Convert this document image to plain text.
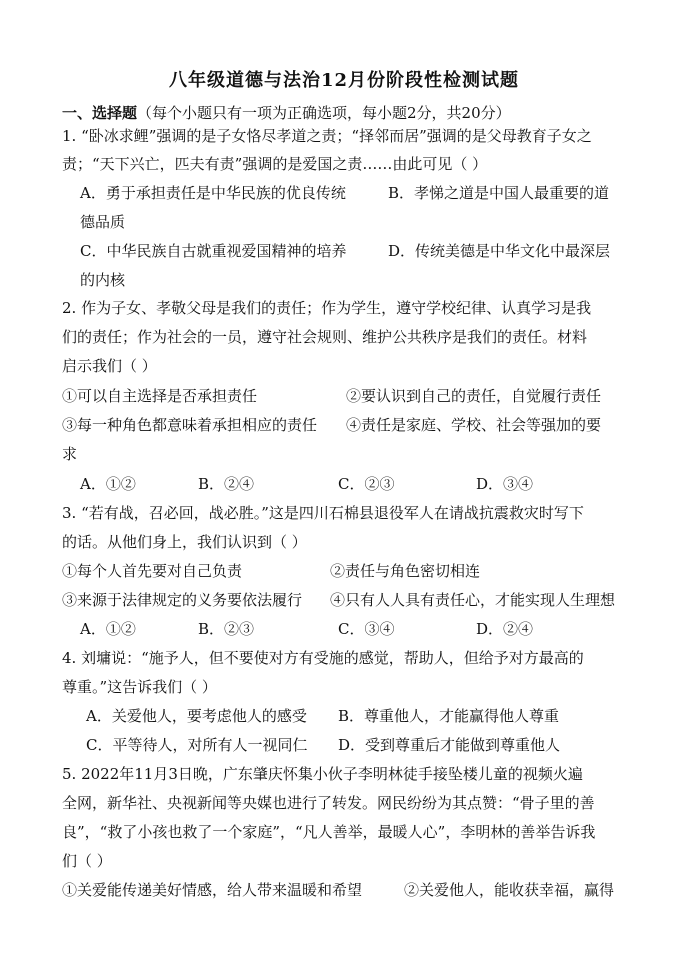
八年级道德与法治12月份阶段性检测试题
一、选择题（每个小题只有一项为正确选项，每小题2分，共20分）
1. “卧冰求鲤”强调的是子女恪尽孝道之责；“择邻而居”强调的是父母教育子女之
责；“天下兴亡，匹夫有责”强调的是爱国之责……由此可见（ ）
A．勇于承担责任是中华民族的优良传统	B．孝悌之道是中国人最重要的道
德品质
C．中华民族自古就重视爱国精神的培养	D．传统美德是中华文化中最深层
的内核
2. 作为子女、孝敬父母是我们的责任；作为学生，遵守学校纪律、认真学习是我
们的责任；作为社会的一员，遵守社会规则、维护公共秩序是我们的责任。材料
启示我们（ ）
①可以自主选择是否承担责任	②要认识到自己的责任，自觉履行责任
③每一种角色都意味着承担相应的责任 ④责任是家庭、学校、社会等强加的要
求
A．①②	B．②④	C．②③	D．③④
3. “若有战，召必回，战必胜。”这是四川石棉县退役军人在请战抗震救灾时写下
的话。从他们身上，我们认识到（ ）
①每个人首先要对自己负责	②责任与角色密切相连
③来源于法律规定的义务要依法履行 ④只有人人具有责任心，才能实现人生理想
A．①②	B．②③	C．③④	D．②④
4. 刘墉说：“施予人，但不要使对方有受施的感觉，帮助人，但给予对方最高的
尊重。”这告诉我们（ ）
A．关爱他人，要考虑他人的感受 B．尊重他人，才能赢得他人尊重
C．平等待人，对所有人一视同仁 D．受到尊重后才能做到尊重他人
5. 2022年11月3日晚，广东肇庆怀集小伙子李明林徒手接坠楼儿童的视频火遍
全网，新华社、央视新闻等央媒也进行了转发。网民纷纷为其点赞：“骨子里的善
良”，“救了小孩也救了一个家庭”，“凡人善举，最暖人心”，李明林的善举告诉我
们（ ）
①关爱能传递美好情感，给人带来温暖和希望	②关爱他人，能收获幸福，赢得
